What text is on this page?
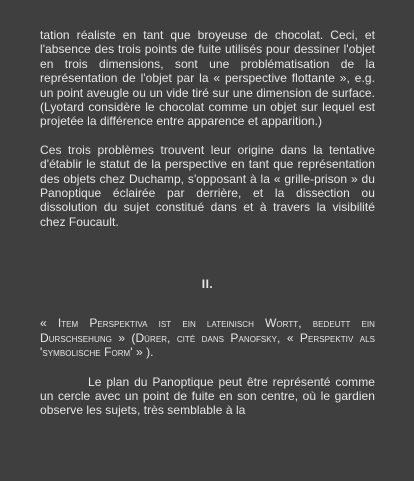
tation réaliste en tant que broyeuse de chocolat. Ceci, et l'absence des trois points de fuite utilisés pour dessiner l'objet en trois dimensions, sont une problématisation de la représentation de l'objet par la « perspective flottante », e.g. un point aveugle ou un vide tiré sur une dimension de surface. (Lyotard considère le chocolat comme un objet sur lequel est projetée la différence entre apparence et apparition.)

Ces trois problèmes trouvent leur origine dans la tentative d'établir le statut de la perspective en tant que représentation des objets chez Duchamp, s'opposant à la « grille-prison » du Panoptique éclairée par derrière, et la dissection ou dissolution du sujet constitué dans et à travers la visibilité chez Foucault.

II.

« Item Perspektiva ist ein lateinisch Wortt, bedeutt ein Durschsehung » (Dürer, cité dans Panofsky, « Perspektiv als 'symbolische Form' » ).

Le plan du Panoptique peut être représenté comme un cercle avec un point de fuite en son centre, où le gardien observe les sujets, très semblable à la
